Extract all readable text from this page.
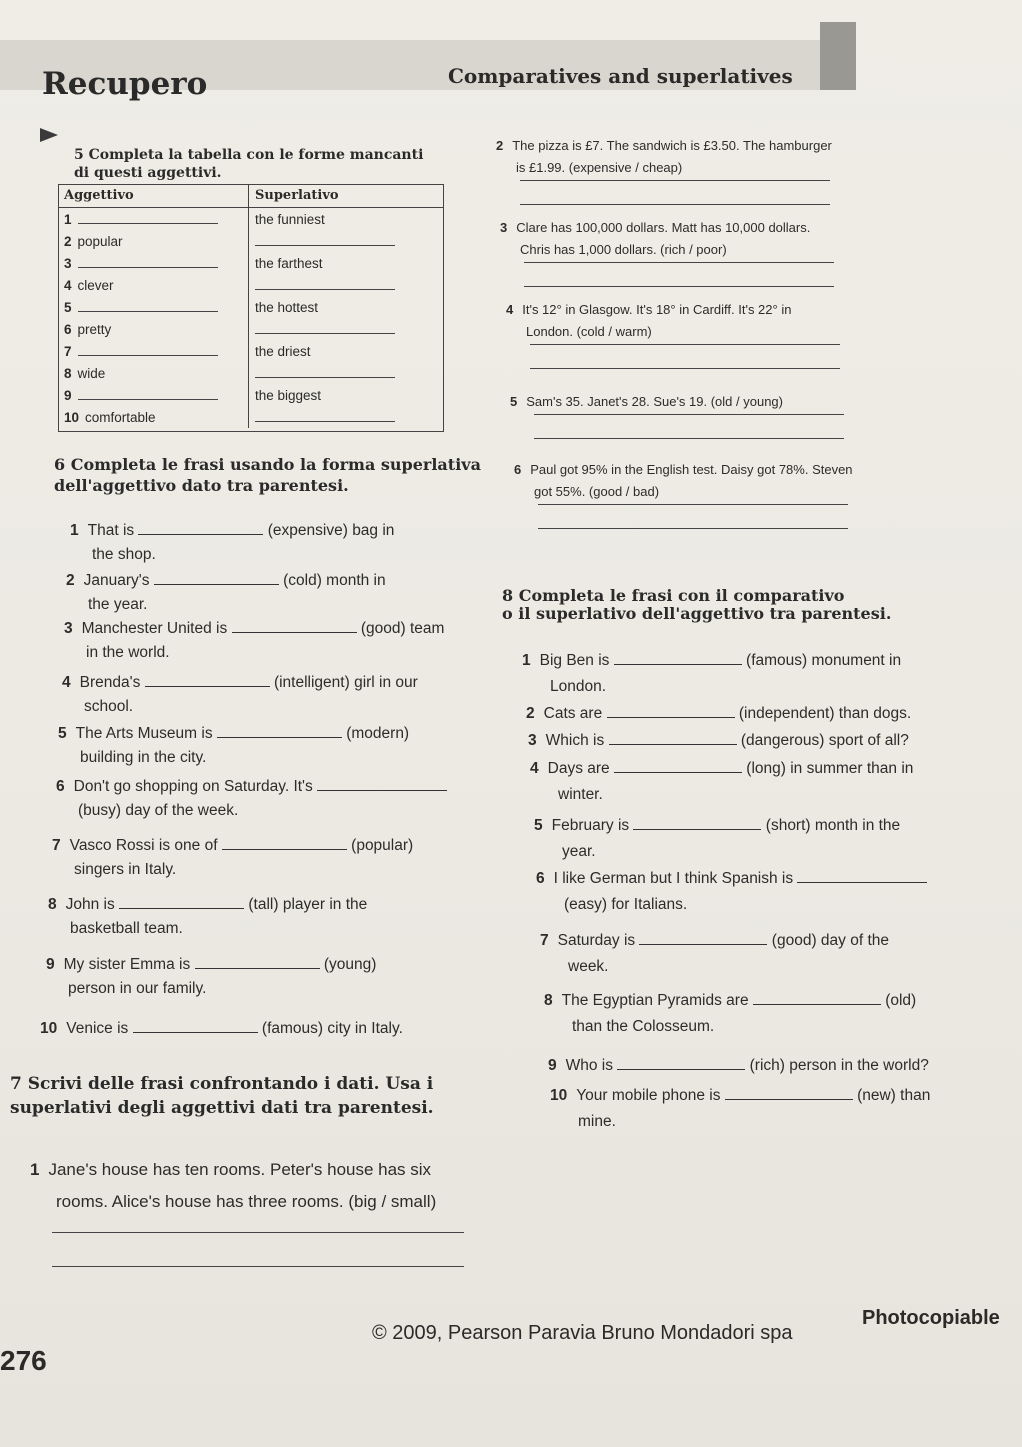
Recupero	Comparatives and superlatives
5 Completa la tabella con le forme mancanti
di questi aggettivi.
Aggettivo	Superlativo
1	the funniest
2 popular	
3	the farthest
4 clever	
5	the hottest
6 pretty	
7	the driest
8 wide	
9	the biggest
10 comfortable	
6 Completa le frasi usando la forma superlativa
dell'aggettivo dato tra parentesi.
1 That is	(expensive) bag in
the shop.
2 January's	(cold) month in
the year.
3 Manchester United is	(good) team
in the world.
4 Brenda's	(intelligent) girl in our
school.
5 The Arts Museum is	(modern)
building in the city.
6 Don't go shopping on Saturday. It's
(busy) day of the week.
7 Vasco Rossi is one of	(popular)
singers in Italy.
8 John is	(tall) player in the
basketball team.
9 My sister Emma is	(young)
person in our family.
10 Venice is	(famous) city in Italy.
7 Scrivi delle frasi confrontando i dati. Usa i
superlativi degli aggettivi dati tra parentesi.
1 Jane's house has ten rooms. Peter's house has six
rooms. Alice's house has three rooms. (big / small)
2 The pizza is £7. The sandwich is £3.50. The hamburger
is £1.99. (expensive / cheap)
3 Clare has 100,000 dollars. Matt has 10,000 dollars.
Chris has 1,000 dollars. (rich / poor)
4 It's 12° in Glasgow. It's 18° in Cardiff. It's 22° in
London. (cold / warm)
5 Sam's 35. Janet's 28. Sue's 19. (old / young)
6 Paul got 95% in the English test. Daisy got 78%. Steven
got 55%. (good / bad)
8 Completa le frasi con il comparativo
o il superlativo dell'aggettivo tra parentesi.
1 Big Ben is	(famous) monument in
London.
2 Cats are	(independent) than dogs.
3 Which is	(dangerous) sport of all?
4 Days are	(long) in summer than in
winter.
5 February is	(short) month in the
year.
6 I like German but I think Spanish is
(easy) for Italians.
7 Saturday is	(good) day of the
week.
8 The Egyptian Pyramids are	(old)
than the Colosseum.
9 Who is	(rich) person in the world?
10 Your mobile phone is	(new) than
mine.
276
© 2009, Pearson Paravia Bruno Mondadori spa
Photocopiable
